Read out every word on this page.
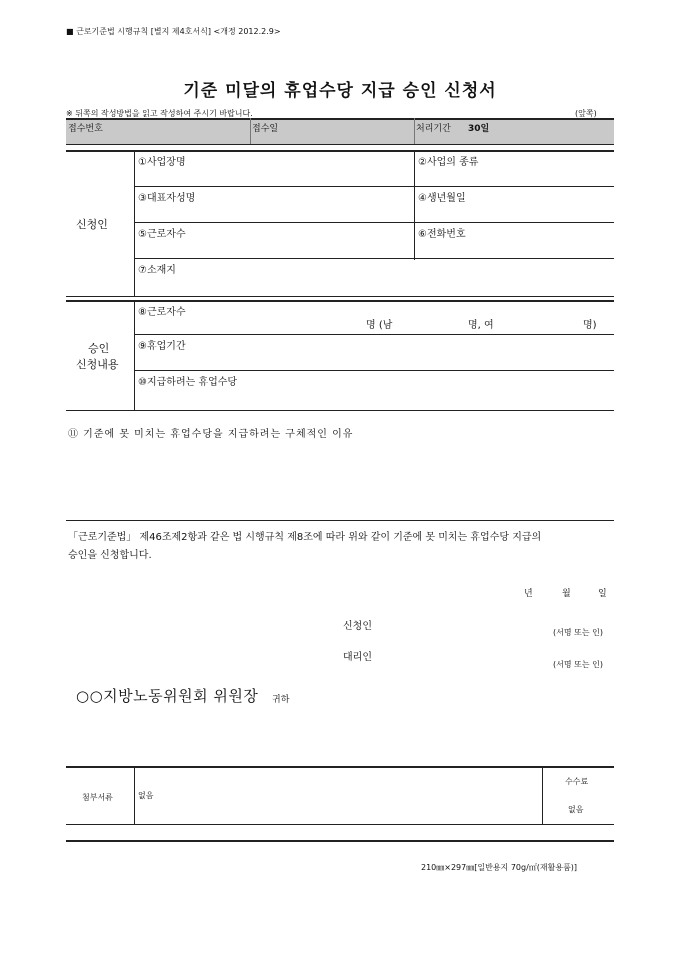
■ 근로기준법 시행규칙 [별지 제4호서식] <개정 2012.2.9>
기준 미달의 휴업수당 지급 승인 신청서
※ 뒤쪽의 작성방법을 읽고 작성하여 주시기 바랍니다.	(앞쪽)
접수번호	접수일	처리기간 30일
신청인
①사업장명	②사업의 종류
③대표자성명	④생년월일
⑤근로자수	⑥전화번호
⑦소재지
승인
신청내용
⑧근로자수
명 (남	명, 여	명)
⑨휴업기간
⑩지급하려는 휴업수당
⑪ 기준에 못 미치는 휴업수당을 지급하려는 구체적인 이유
「근로기준법」 제46조제2항과 같은 법 시행규칙 제8조에 따라 위와 같이 기준에 못 미치는 휴업수당 지급의
승인을 신청합니다.
년	월	일
신청인
(서명 또는 인)
대리인
(서명 또는 인)
○○지방노동위원회 위원장 귀하
첨부서류	없음
수수료
없음
210㎜×297㎜[일반용지 70g/㎡(재활용품)]
